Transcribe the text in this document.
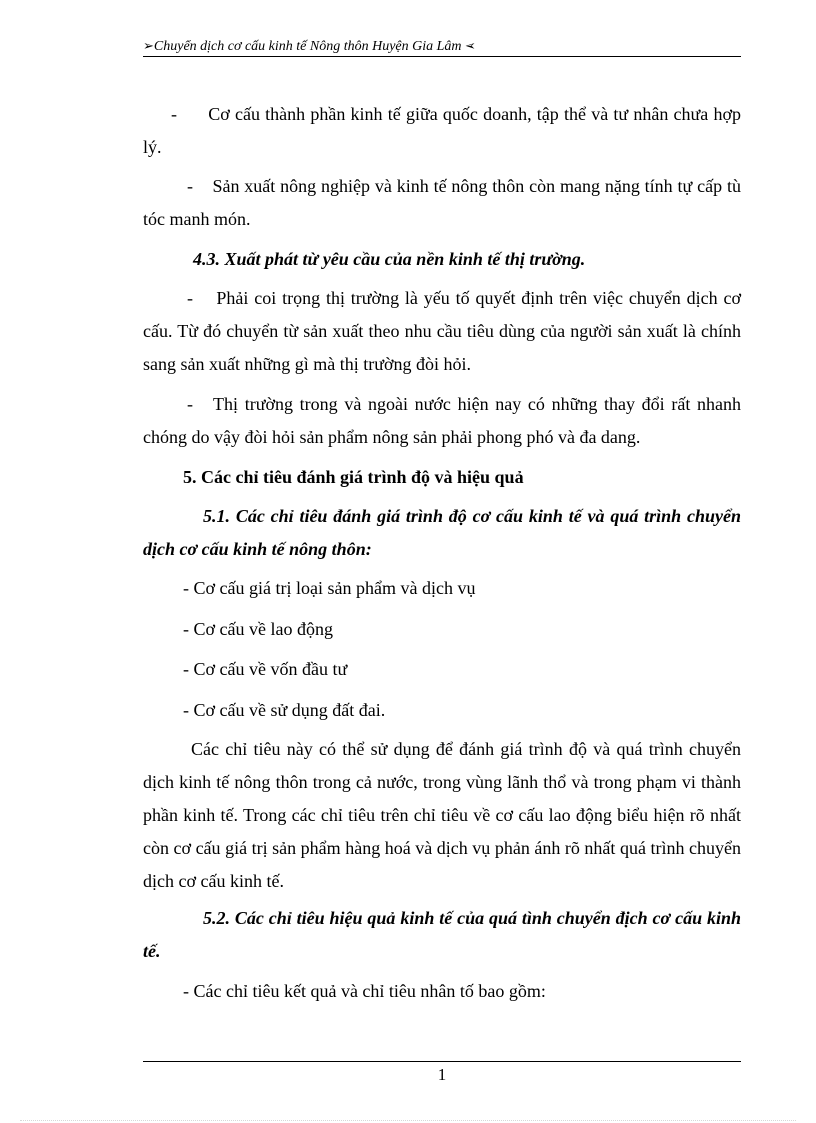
➢Chuyển dịch cơ cấu kinh tế Nông thôn Huyện Gia Lâm ➢

- Cơ cấu thành phần kinh tế giữa quốc doanh, tập thể và tư nhân chưa hợp lý.

- Sản xuất nông nghiệp và kinh tế nông thôn còn mang nặng tính tự cấp tù tóc manh món.

4.3. Xuất phát từ yêu cầu của nền kinh tế thị trường.

- Phải coi trọng thị trường là yếu tố quyết định trên việc chuyển dịch cơ cấu. Từ đó chuyển từ sản xuất theo nhu cầu tiêu dùng của người sản xuất là chính sang sản xuất những gì mà thị trường đòi hỏi.

- Thị trường trong và ngoài nước hiện nay có những thay đổi rất nhanh chóng do vậy đòi hỏi sản phẩm nông sản phải phong phó và đa dang.

5. Các chỉ tiêu đánh giá trình độ và hiệu quả

5.1. Các chỉ tiêu đánh giá trình độ cơ cấu kinh tế và quá trình chuyển dịch cơ cấu kinh tế nông thôn:

- Cơ cấu giá trị loại sản phẩm và dịch vụ

- Cơ cấu về lao động

- Cơ cấu về vốn đầu tư

- Cơ cấu về sử dụng đất đai.

Các chỉ tiêu này có thể sử dụng để đánh giá trình độ và quá trình chuyển dịch kinh tế nông thôn trong cả nước, trong vùng lãnh thổ và trong phạm vi thành phần kinh tế. Trong các chỉ tiêu trên chỉ tiêu về cơ cấu lao động biểu hiện rõ nhất còn cơ cấu giá trị sản phẩm hàng hoá và dịch vụ phản ánh rõ nhất quá trình chuyển dịch cơ cấu kinh tế.

5.2. Các chỉ tiêu hiệu quả kinh tế của quá tình chuyển địch cơ cấu kinh tế.

- Các chỉ tiêu kết quả và chỉ tiêu nhân tố bao gồm:

1
